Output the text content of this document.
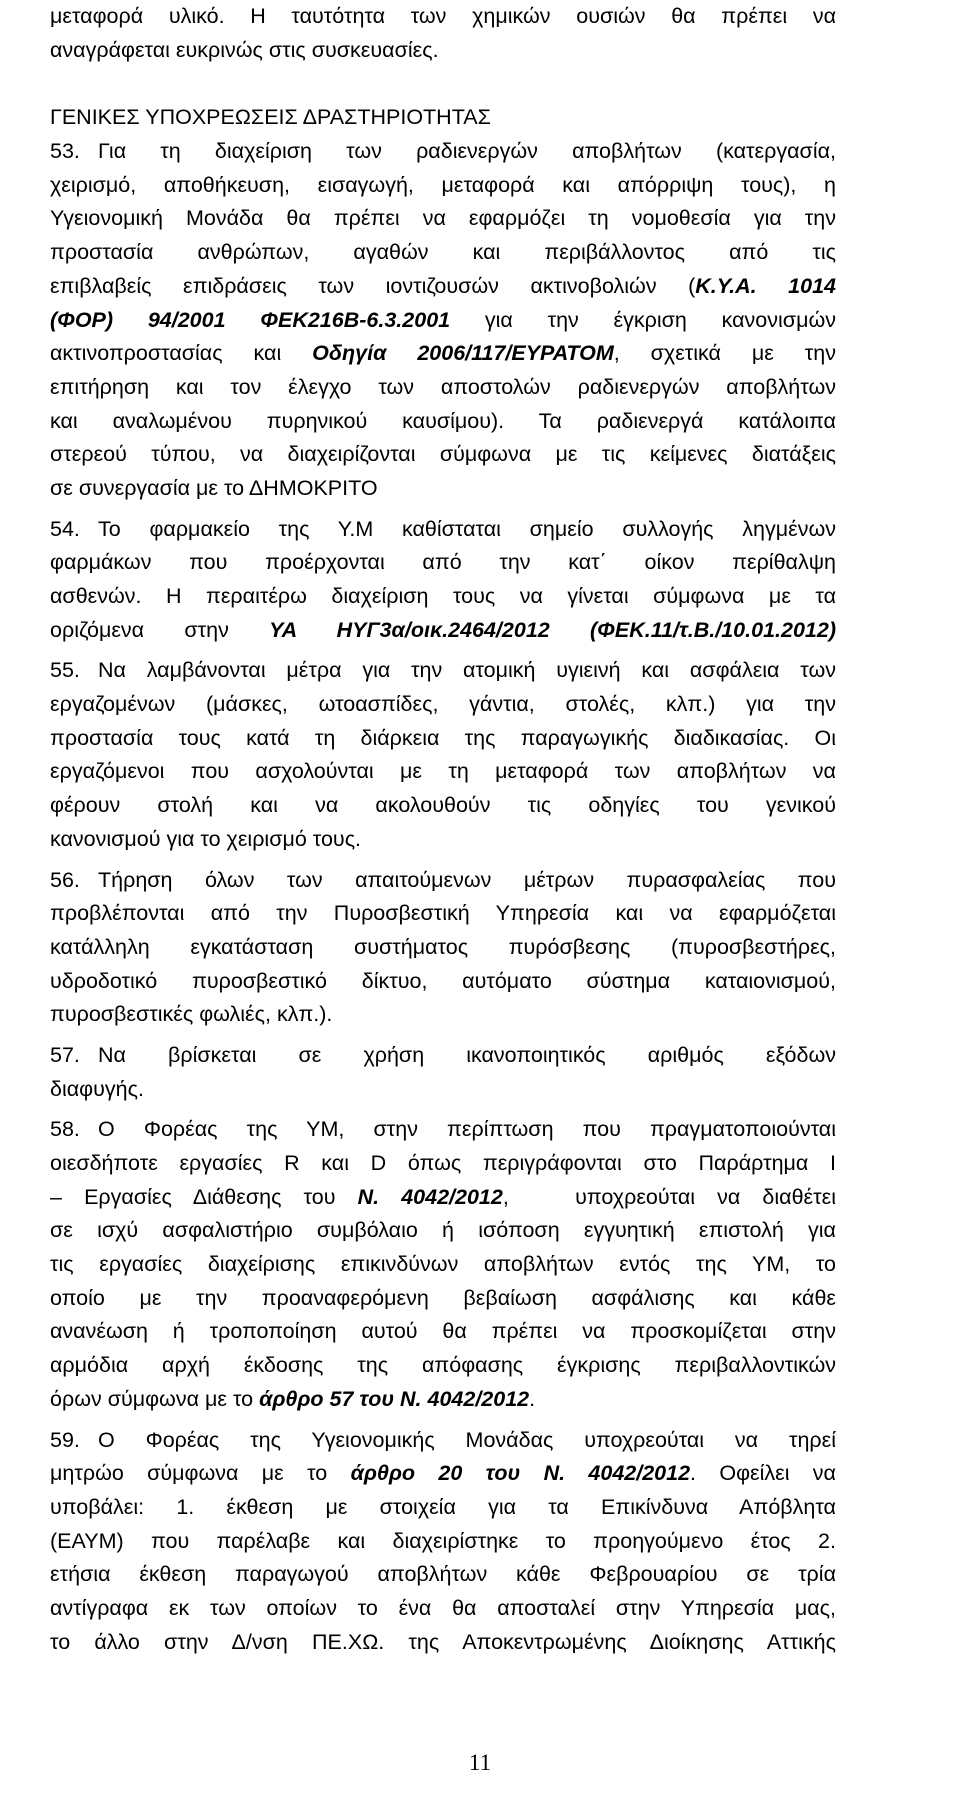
μεταφορά υλικό. Η ταυτότητα των χημικών ουσιών θα πρέπει να
αναγράφεται ευκρινώς στις συσκευασίες.
ΓΕΝΙΚΕΣ ΥΠΟΧΡΕΩΣΕΙΣ ΔΡΑΣΤΗΡΙΟΤΗΤΑΣ
53. Για τη διαχείριση των ραδιενεργών αποβλήτων (κατεργασία,
χειρισμό, αποθήκευση, εισαγωγή, μεταφορά και απόρριψη τους), η
Υγειονομική Μονάδα θα πρέπει να εφαρμόζει τη νομοθεσία για την
προστασία ανθρώπων, αγαθών και περιβάλλοντος από τις
επιβλαβείς επιδράσεις των ιοντιζουσών ακτινοβολιών (Κ.Υ.Α. 1014
(ΦΟΡ) 94/2001 ΦΕΚ216Β-6.3.2001 για την έγκριση κανονισμών
ακτινοπροστασίας και Οδηγία 2006/117/ΕΥΡΑΤΟΜ, σχετικά με την
επιτήρηση και τον έλεγχο των αποστολών ραδιενεργών αποβλήτων
και αναλωμένου πυρηνικού καυσίμου). Τα ραδιενεργά κατάλοιπα
στερεού τύπου, να διαχειρίζονται σύμφωνα με τις κείμενες διατάξεις
σε συνεργασία με το ΔΗΜΟΚΡΙΤΟ
54. Το φαρμακείο της Υ.Μ καθίσταται σημείο συλλογής ληγμένων
φαρμάκων που προέρχονται από την κατ΄ οίκον περίθαλψη
ασθενών. Η περαιτέρω διαχείριση τους να γίνεται σύμφωνα με τα
οριζόμενα στην ΥΑ ΗΥΓ3α/οικ.2464/2012 (ΦΕΚ.11/τ.Β./10.01.2012)
55. Να λαμβάνονται μέτρα για την ατομική υγιεινή και ασφάλεια των
εργαζομένων (μάσκες, ωτοασπίδες, γάντια, στολές, κλπ.) για την
προστασία τους κατά τη διάρκεια της παραγωγικής διαδικασίας. Οι
εργαζόμενοι που ασχολούνται με τη μεταφορά των αποβλήτων να
φέρουν στολή και να ακολουθούν τις οδηγίες του γενικού
κανονισμού για το χειρισμό τους.
56. Τήρηση όλων των απαιτούμενων μέτρων πυρασφαλείας που
προβλέπονται από την Πυροσβεστική Υπηρεσία και να εφαρμόζεται
κατάλληλη εγκατάσταση συστήματος πυρόσβεσης (πυροσβεστήρες,
υδροδοτικό πυροσβεστικό δίκτυο, αυτόματο σύστημα καταιονισμού,
πυροσβεστικές φωλιές, κλπ.).
57. Να βρίσκεται σε χρήση ικανοποιητικός αριθμός εξόδων
διαφυγής.
58. Ο Φορέας της ΥΜ, στην περίπτωση που πραγματοποιούνται
οιεσδήποτε εργασίες R και D όπως περιγράφονται στο Παράρτημα Ι
– Εργασίες Διάθεσης του Ν. 4042/2012,   υποχρεούται να διαθέτει
σε ισχύ ασφαλιστήριο συμβόλαιο ή ισόποση εγγυητική επιστολή για
τις εργασίες διαχείρισης επικινδύνων αποβλήτων εντός της ΥΜ, το
οποίο με την προαναφερόμενη βεβαίωση ασφάλισης και κάθε
ανανέωση ή τροποποίηση αυτού θα πρέπει να προσκομίζεται στην
αρμόδια αρχή έκδοσης της απόφασης έγκρισης περιβαλλοντικών
όρων σύμφωνα με το άρθρο 57 του Ν. 4042/2012.
59. Ο Φορέας της Υγειονομικής Μονάδας υποχρεούται να τηρεί
μητρώο σύμφωνα με το άρθρο 20 του Ν. 4042/2012. Οφείλει να
υποβάλει: 1. έκθεση με στοιχεία για τα Επικίνδυνα Απόβλητα
(ΕΑΥΜ) που παρέλαβε και διαχειρίστηκε το προηγούμενο έτος 2.
ετήσια έκθεση παραγωγού αποβλήτων κάθε Φεβρουαρίου σε τρία
αντίγραφα εκ των οποίων το ένα θα αποσταλεί στην Υπηρεσία μας,
το άλλο στην Δ/νση ΠΕ.ΧΩ. της Αποκεντρωμένης Διοίκησης Αττικής
11
